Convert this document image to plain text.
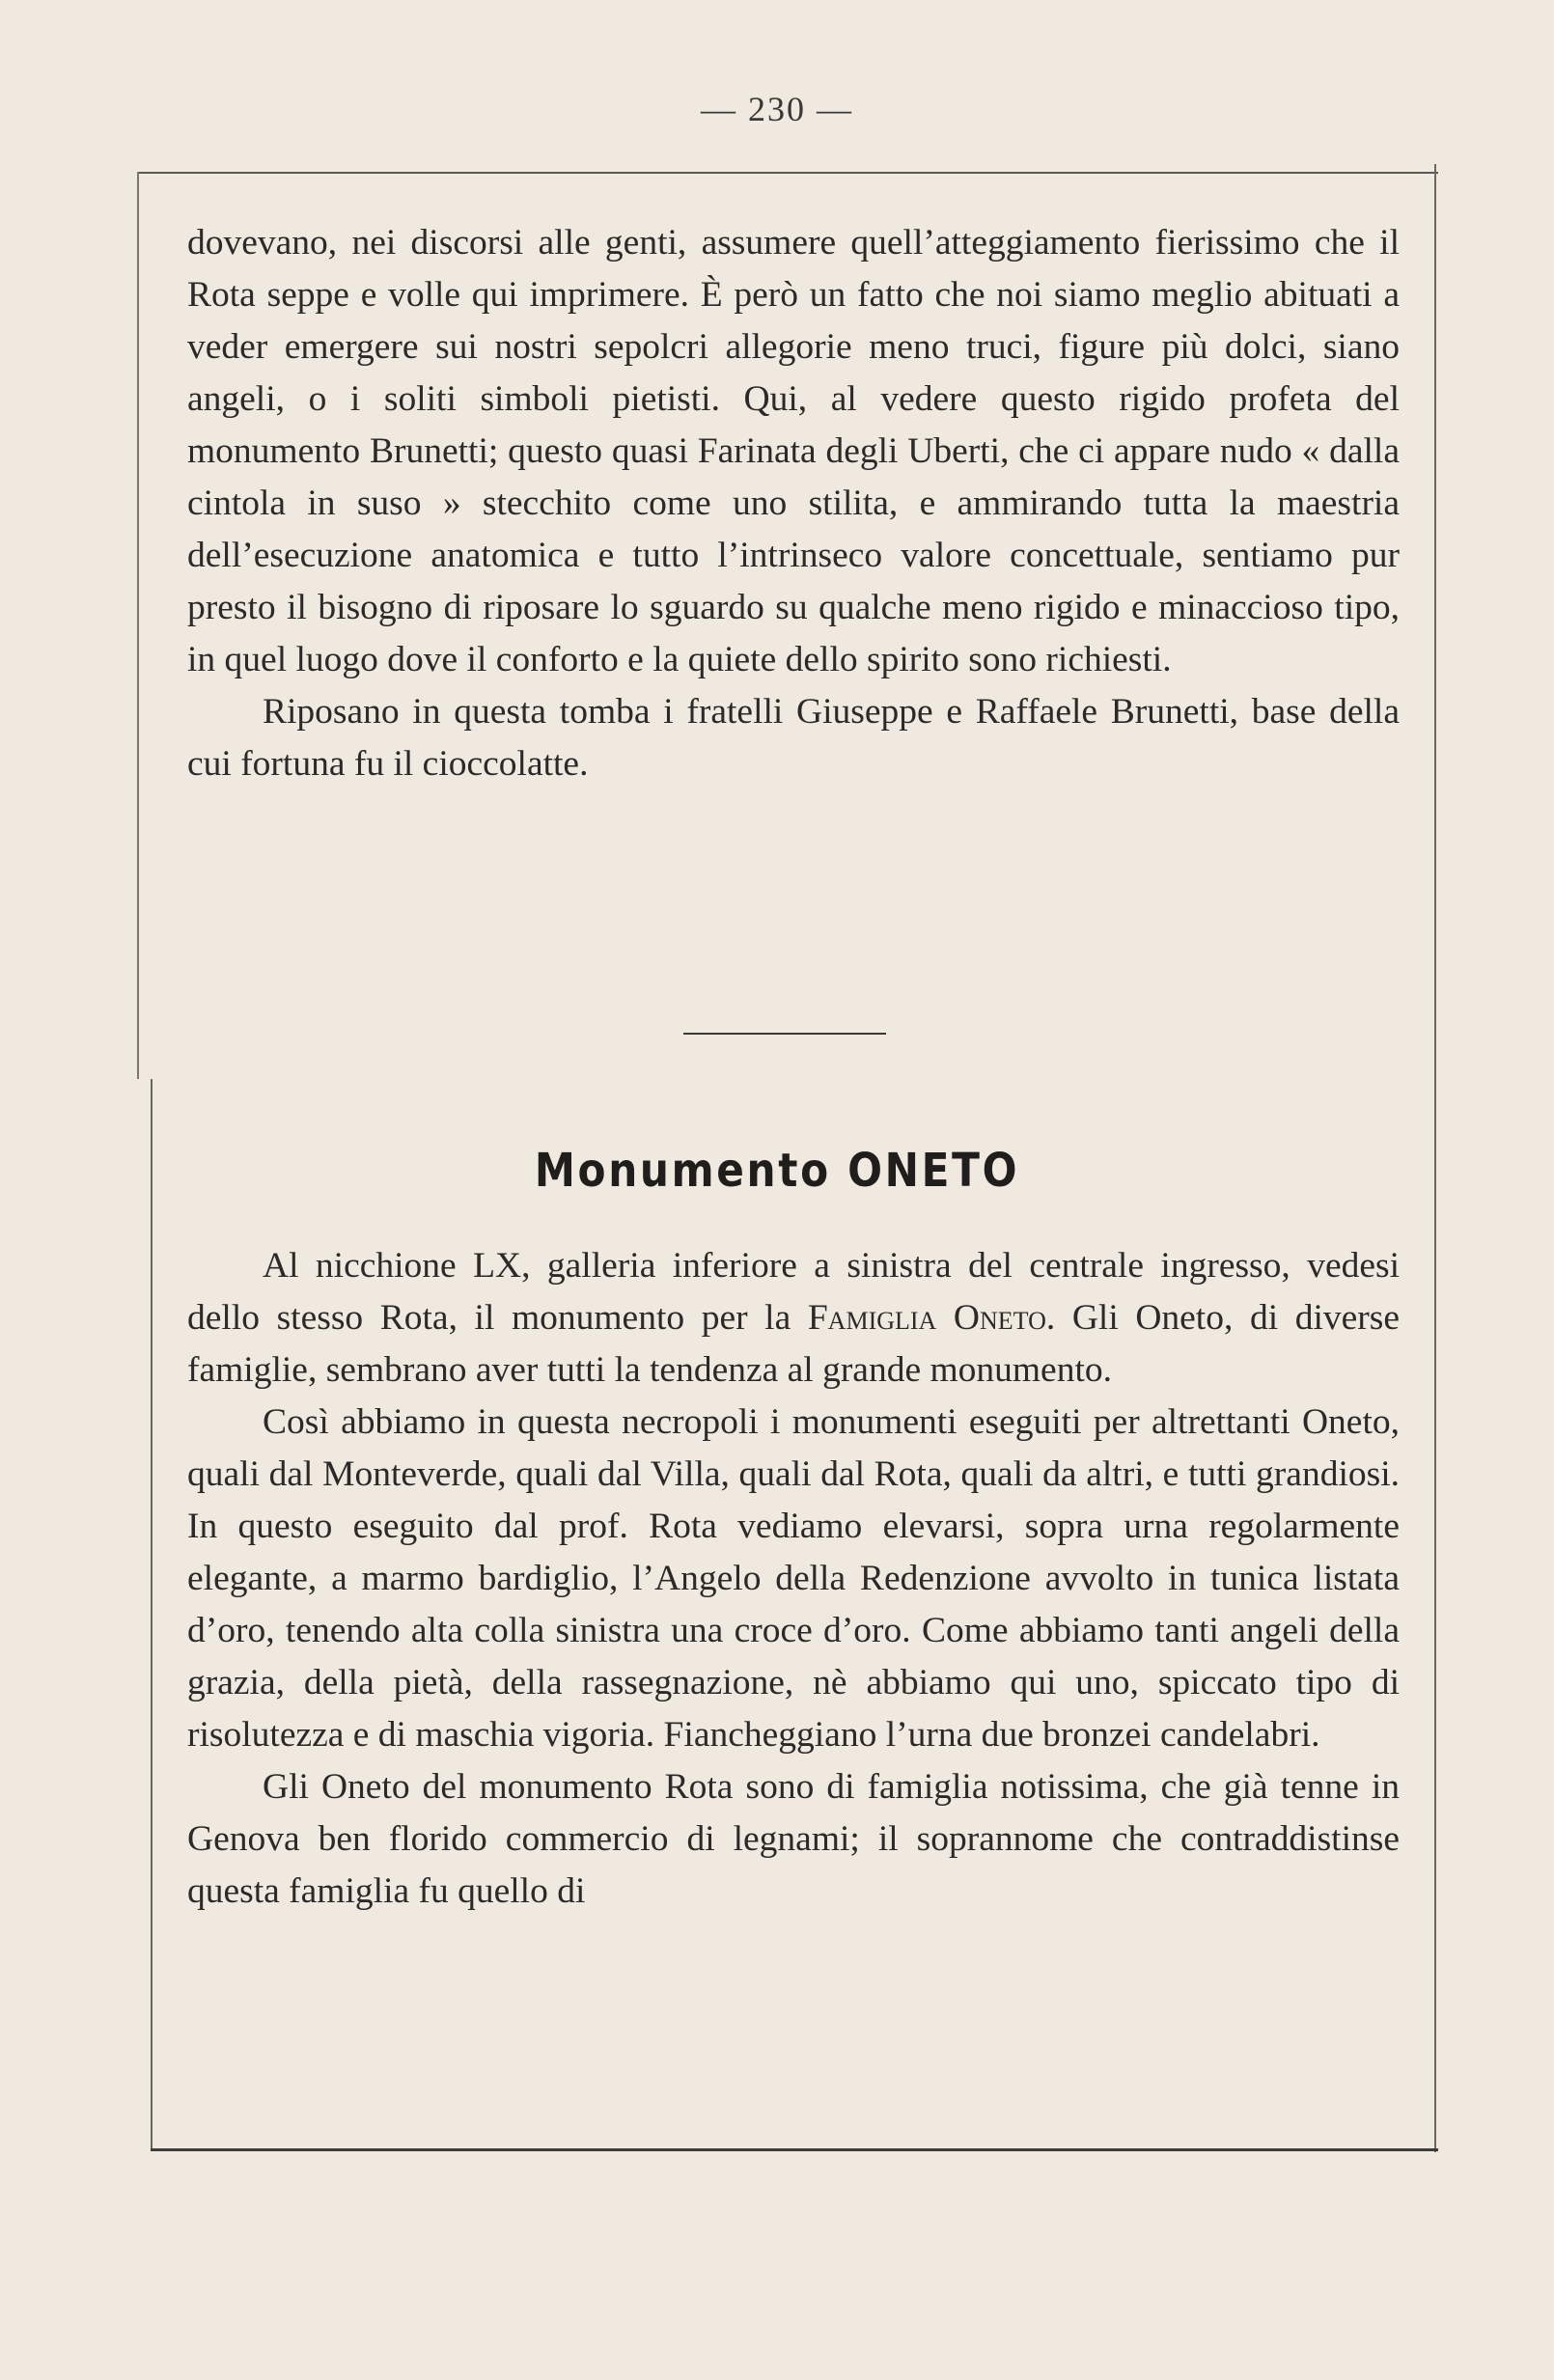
— 230 —

dovevano, nei discorsi alle genti, assumere quell’atteggiamento fierissimo che il Rota seppe e volle qui imprimere. È però un fatto che noi siamo meglio abituati a veder emergere sui nostri sepolcri allegorie meno truci, figure più dolci, siano angeli, o i soliti simboli pietisti. Qui, al vedere questo rigido profeta del monumento Brunetti; questo quasi Farinata degli Uberti, che ci appare nudo « dalla cintola in suso » stecchito come uno stilita, e ammirando tutta la maestria dell’esecuzione anatomica e tutto l’intrinseco valore concettuale, sentiamo pur presto il bisogno di riposare lo sguardo su qualche meno rigido e minaccioso tipo, in quel luogo dove il conforto e la quiete dello spirito sono richiesti.

Riposano in questa tomba i fratelli Giuseppe e Raffaele Brunetti, base della cui fortuna fu il cioccolatte.

Monumento ONETO

Al nicchione LX, galleria inferiore a sinistra del centrale ingresso, vedesi dello stesso Rota, il monumento per la Famiglia Oneto. Gli Oneto, di diverse famiglie, sembrano aver tutti la tendenza al grande monumento.

Così abbiamo in questa necropoli i monumenti eseguiti per altrettanti Oneto, quali dal Monteverde, quali dal Villa, quali dal Rota, quali da altri, e tutti grandiosi. In questo eseguito dal prof. Rota vediamo elevarsi, sopra urna regolarmente elegante, a marmo bardiglio, l’Angelo della Redenzione avvolto in tunica listata d’oro, tenendo alta colla sinistra una croce d’oro. Come abbiamo tanti angeli della grazia, della pietà, della rassegnazione, nè abbiamo qui uno, spiccato tipo di risolutezza e di maschia vigoria. Fiancheggiano l’urna due bronzei candelabri.

Gli Oneto del monumento Rota sono di famiglia notissima, che già tenne in Genova ben florido commercio di legnami; il soprannome che contraddistinse questa famiglia fu quello di
